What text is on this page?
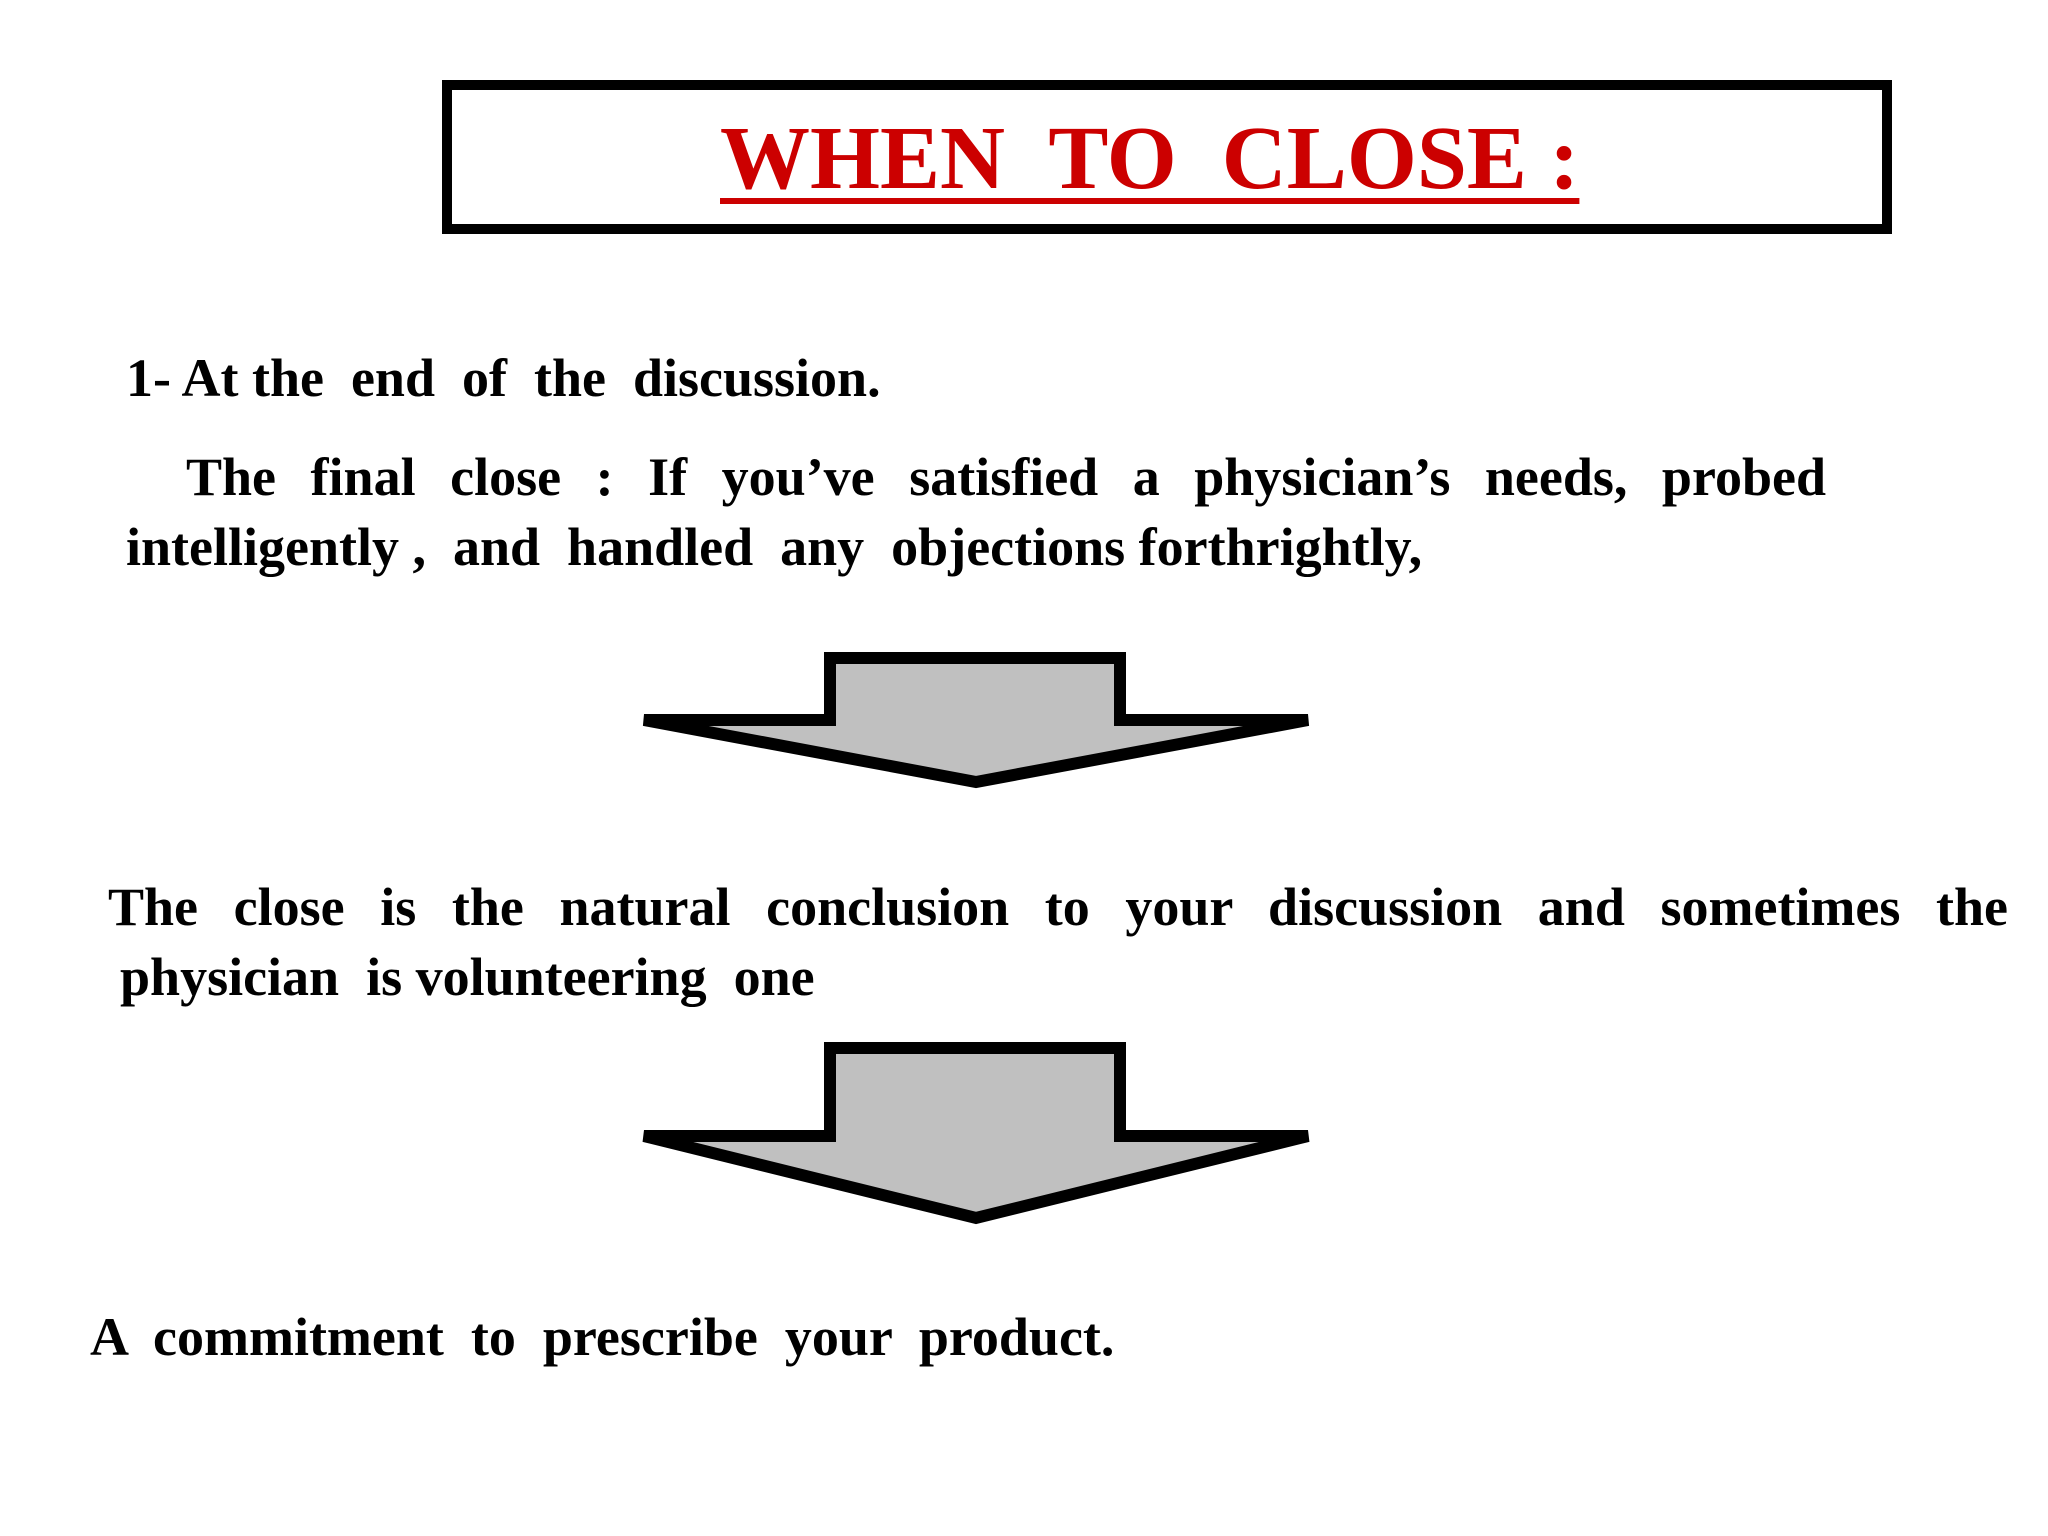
WHEN  TO  CLOSE :
1- At the  end  of  the  discussion.
The final close : If you’ve satisfied a physician’s needs, probed
intelligently ,  and  handled  any  objections forthrightly,
The close is the natural conclusion to your discussion and sometimes the
physician  is volunteering  one
A  commitment  to  prescribe  your  product.
